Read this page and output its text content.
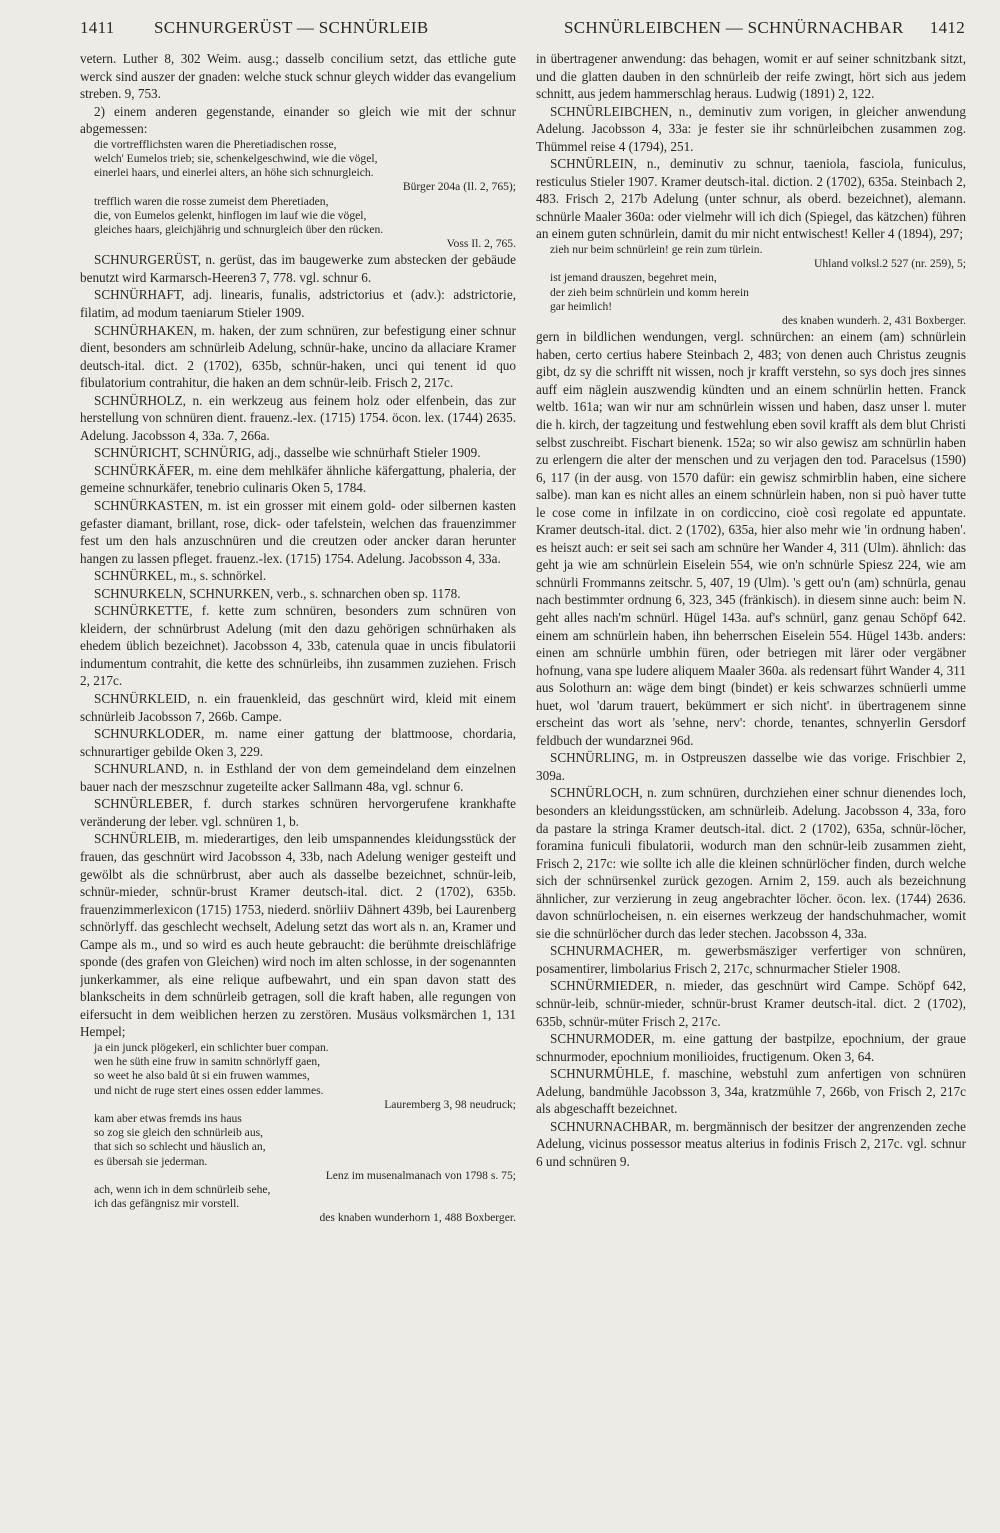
1411 SCHNURGERÜST — SCHNÜRLEIB	SCHNÜRLEIBCHEN — SCHNÜRNACHBAR 1412

vetern. Luther 8, 302 Weim. ausg.; dasselb concilium setzt, das ettliche gute werck sind auszer der gnaden: welche stuck schnur gleych widder das evangelium streben. 9, 753.

2) einem anderen gegenstande, einander so gleich wie mit der schnur abgemessen:

die vortrefflichsten waren die Pheretiadischen rosse,
welch' Eumelos trieb; sie, schenkelgeschwind, wie die vögel,
einerlei haars, und einerlei alters, an höhe sich schnurgleich.
Bürger 204a (Il. 2, 765);
trefflich waren die rosse zumeist dem Pheretiaden,
die, von Eumelos gelenkt, hinflogen im lauf wie die vögel,
gleiches haars, gleichjährig und schnurgleich über den rücken.
Voss Il. 2, 765.

SCHNURGERÜST, n. gerüst, das im baugewerke zum abstecken der gebäude benutzt wird Karmarsch-Heeren3 7, 778. vgl. schnur 6.

SCHNÜRHAFT, adj. linearis, funalis, adstrictorius et (adv.): adstrictorie, filatim, ad modum taeniarum Stieler 1909.

SCHNÜRHAKEN, m. haken, der zum schnüren, zur befestigung einer schnur dient, besonders am schnürleib Adelung, schnür-hake, uncino da allaciare Kramer deutsch-ital. dict. 2 (1702), 635b, schnür-haken, unci qui tenent id quo fibulatorium contrahitur, die haken an dem schnür-leib. Frisch 2, 217c.

SCHNÜRHOLZ, n. ein werkzeug aus feinem holz oder elfenbein, das zur herstellung von schnüren dient. frauenz.-lex. (1715) 1754. öcon. lex. (1744) 2635. Adelung. Jacobsson 4, 33a. 7, 266a.

SCHNÜRICHT, SCHNÜRIG, adj., dasselbe wie schnürhaft Stieler 1909.

SCHNÜRKÄFER, m. eine dem mehlkäfer ähnliche käfergattung, phaleria, der gemeine schnurkäfer, tenebrio culinaris Oken 5, 1784.

SCHNÜRKASTEN, m. ist ein grosser mit einem gold- oder silbernen kasten gefaster diamant, brillant, rose, dick- oder tafelstein, welchen das frauenzimmer fest um den hals anzuschnüren und die creutzen oder ancker daran herunter hangen zu lassen pfleget. frauenz.-lex. (1715) 1754. Adelung. Jacobsson 4, 33a.

SCHNÜRKEL, m., s. schnörkel.

SCHNURKELN, SCHNURKEN, verb., s. schnarchen oben sp. 1178.

SCHNÜRKETTE, f. kette zum schnüren, besonders zum schnüren von kleidern, der schnürbrust Adelung (mit den dazu gehörigen schnürhaken als ehedem üblich bezeichnet). Jacobsson 4, 33b, catenula quae in uncis fibulatorii indumentum contrahit, die kette des schnürleibs, ihn zusammen zuziehen. Frisch 2, 217c.

SCHNÜRKLEID, n. ein frauenkleid, das geschnürt wird, kleid mit einem schnürleib Jacobsson 7, 266b. Campe.

SCHNURKLODER, m. name einer gattung der blattmoose, chordaria, schnurartiger gebilde Oken 3, 229.

SCHNURLAND, n. in Esthland der von dem gemeindeland dem einzelnen bauer nach der meszschnur zugeteilte acker Sallmann 48a, vgl. schnur 6.

SCHNÜRLEBER, f. durch starkes schnüren hervorgerufene krankhafte veränderung der leber. vgl. schnüren 1, b.

SCHNÜRLEIB, m. miederartiges, den leib umspannendes kleidungsstück der frauen, das geschnürt wird Jacobsson 4, 33b, nach Adelung weniger gesteift und gewölbt als die schnürbrust, aber auch als dasselbe bezeichnet, schnür-leib, schnür-mieder, schnür-brust Kramer deutsch-ital. dict. 2 (1702), 635b. frauenzimmerlexicon (1715) 1753, niederd. snörliiv Dähnert 439b, bei Laurenberg schnörlyff. das geschlecht wechselt, Adelung setzt das wort als n. an, Kramer und Campe als m., und so wird es auch heute gebraucht: die berühmte dreischläfrige sponde (des grafen von Gleichen) wird noch im alten schlosse, in der sogenannten junkerkammer, als eine relique aufbewahrt, und ein span davon statt des blankscheits in dem schnürleib getragen, soll die kraft haben, alle regungen von eifersucht in dem weiblichen herzen zu zerstören. Musäus volksmärchen 1, 131 Hempel;

ja ein junck plögekerl, ein schlichter buer compan.
wen he süth eine fruw in samitn schnörlyff gaen,
so weet he also bald ût si ein fruwen wammes,
und nicht de ruge stert eines ossen edder lammes.
Lauremberg 3, 98 neudruck;
kam aber etwas fremds ins haus
so zog sie gleich den schnürleib aus,
that sich so schlecht und häuslich an,
es übersah sie jederman.
Lenz im musenalmanach von 1798 s. 75;
ach, wenn ich in dem schnürleib sehe,
ich das gefängnisz mir vorstell.
des knaben wunderhorn 1, 488 Boxberger.

in übertragener anwendung: das behagen, womit er auf seiner schnitzbank sitzt, und die glatten dauben in den schnürleib der reife zwingt, hört sich aus jedem schnitt, aus jedem hammerschlag heraus. Ludwig (1891) 2, 122.

SCHNÜRLEIBCHEN, n., deminutiv zum vorigen, in gleicher anwendung Adelung. Jacobsson 4, 33a: je fester sie ihr schnürleibchen zusammen zog. Thümmel reise 4 (1794), 251.

SCHNÜRLEIN, n., deminutiv zu schnur, taeniola, fasciola, funiculus, resticulus Stieler 1907. Kramer deutsch-ital. diction. 2 (1702), 635a. Steinbach 2, 483. Frisch 2, 217b Adelung (unter schnur, als oberd. bezeichnet), alemann. schnürle Maaler 360a: oder vielmehr will ich dich (Spiegel, das kätzchen) führen an einem guten schnürlein, damit du mir nicht entwischest! Keller 4 (1894), 297;

zieh nur beim schnürlein! ge rein zum türlein.
Uhland volksl.2 527 (nr. 259), 5;
ist jemand drauszen, begehret mein,
der zieh beim schnürlein und komm herein
gar heimlich!
des knaben wunderh. 2, 431 Boxberger.

gern in bildlichen wendungen, vergl. schnürchen: an einem (am) schnürlein haben, certo certius habere Steinbach 2, 483; von denen auch Christus zeugnis gibt, dz sy die schrifft nit wissen, noch jr krafft verstehn, so sys doch jres sinnes auff eim näglein auszwendig kündten und an einem schnürlin hetten. Franck weltb. 161a; wan wir nur am schnürlein wissen und haben, dasz unser l. muter die h. kirch, der tagzeitung und festwehlung eben sovil krafft als dem blut Christi selbst zuschreibt. Fischart bienenk. 152a; so wir also gewisz am schnürlin haben zu erlengern die alter der menschen und zu verjagen den tod. Paracelsus (1590) 6, 117 (in der ausg. von 1570 dafür: ein gewisz schmirblin haben, eine sichere salbe). man kan es nicht alles an einem schnürlein haben, non si può haver tutte le cose come in infilzate in on cordiccino, cioè così regolate ed appuntate. Kramer deutsch-ital. dict. 2 (1702), 635a, hier also mehr wie 'in ordnung haben'. es heiszt auch: er seit sei sach am schnüre her Wander 4, 311 (Ulm). ähnlich: das geht ja wie am schnürlein Eiselein 554, wie on'n schnürle Spiesz 224, wie am schnürli Frommanns zeitschr. 5, 407, 19 (Ulm). 's gett ou'n (am) schnürla, genau nach bestimmter ordnung 6, 323, 345 (fränkisch). in diesem sinne auch: beim N. geht alles nach'm schnürl. Hügel 143a. auf's schnürl, ganz genau Schöpf 642. einem am schnürlein haben, ihn beherrschen Eiselein 554. Hügel 143b. anders: einen am schnürle umbhin füren, oder betriegen mit lärer oder vergäbner hofnung, vana spe ludere aliquem Maaler 360a. als redensart führt Wander 4, 311 aus Solothurn an: wäge dem bingt (bindet) er keis schwarzes schnüerli umme huet, wol 'darum trauert, bekümmert er sich nicht'. in übertragenem sinne erscheint das wort als 'sehne, nerv': chorde, tenantes, schnyerlin Gersdorf feldbuch der wundarznei 96d.

SCHNÜRLING, m. in Ostpreuszen dasselbe wie das vorige. Frischbier 2, 309a.

SCHNÜRLOCH, n. zum schnüren, durchziehen einer schnur dienendes loch, besonders an kleidungsstücken, am schnürleib. Adelung. Jacobsson 4, 33a, foro da pastare la stringa Kramer deutsch-ital. dict. 2 (1702), 635a, schnür-löcher, foramina funiculi fibulatorii, wodurch man den schnür-leib zusammen zieht, Frisch 2, 217c: wie sollte ich alle die kleinen schnürlöcher finden, durch welche sich der schnürsenkel zurück gezogen. Arnim 2, 159. auch als bezeichnung ähnlicher, zur verzierung in zeug angebrachter löcher. öcon. lex. (1744) 2636. davon schnürlocheisen, n. ein eisernes werkzeug der handschuhmacher, womit sie die schnürlöcher durch das leder stechen. Jacobsson 4, 33a.

SCHNURMACHER, m. gewerbsmäsziger verfertiger von schnüren, posamentirer, limbolarius Frisch 2, 217c, schnurmacher Stieler 1908.

SCHNÜRMIEDER, n. mieder, das geschnürt wird Campe. Schöpf 642, schnür-leib, schnür-mieder, schnür-brust Kramer deutsch-ital. dict. 2 (1702), 635b, schnür-müter Frisch 2, 217c.

SCHNURMODER, m. eine gattung der bastpilze, epochnium, der graue schnurmoder, epochnium monilioides, fructigenum. Oken 3, 64.

SCHNURMÜHLE, f. maschine, webstuhl zum anfertigen von schnüren Adelung, bandmühle Jacobsson 3, 34a, kratzmühle 7, 266b, von Frisch 2, 217c als abgeschafft bezeichnet.

SCHNURNACHBAR, m. bergmännisch der besitzer der angrenzenden zeche Adelung, vicinus possessor meatus alterius in fodinis Frisch 2, 217c. vgl. schnur 6 und schnüren 9.
